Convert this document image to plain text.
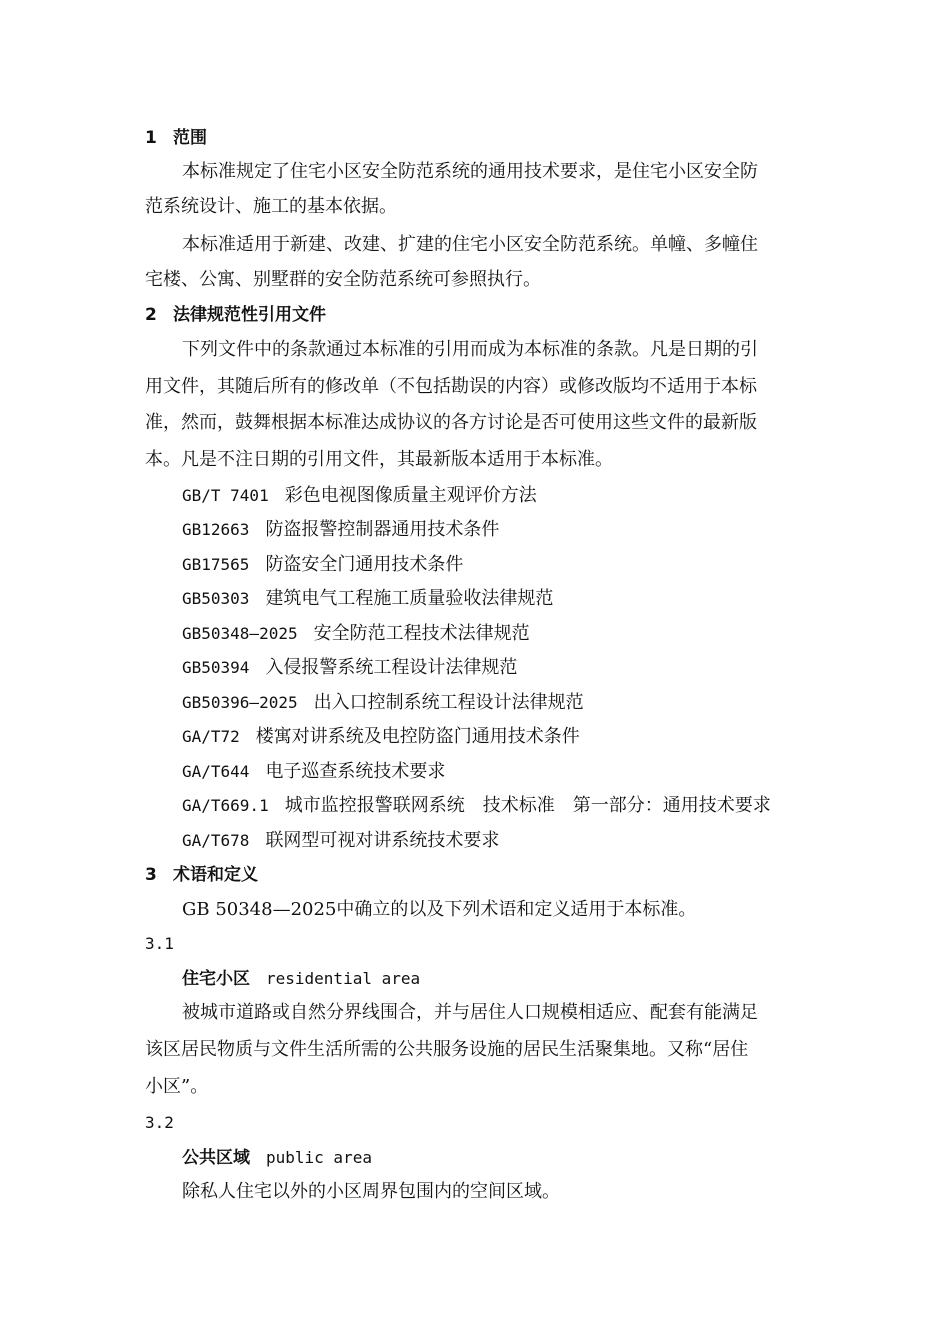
1 范围
本标准规定了住宅小区安全防范系统的通用技术要求，是住宅小区安全防
范系统设计、施工的基本依据。
本标准适用于新建、改建、扩建的住宅小区安全防范系统。单幢、多幢住
宅楼、公寓、别墅群的安全防范系统可参照执行。
2 法律规范性引用文件
下列文件中的条款通过本标准的引用而成为本标准的条款。凡是日期的引
用文件，其随后所有的修改单（不包括勘误的内容）或修改版均不适用于本标
准，然而，鼓舞根据本标准达成协议的各方讨论是否可使用这些文件的最新版
本。凡是不注日期的引用文件，其最新版本适用于本标准。
GB/T 7401 彩色电视图像质量主观评价方法
GB12663 防盗报警控制器通用技术条件
GB17565 防盗安全门通用技术条件
GB50303 建筑电气工程施工质量验收法律规范
GB50348—2025 安全防范工程技术法律规范
GB50394 入侵报警系统工程设计法律规范
GB50396—2025 出入口控制系统工程设计法律规范
GA/T72 楼寓对讲系统及电控防盗门通用技术条件
GA/T644 电子巡查系统技术要求
GA/T669.1 城市监控报警联网系统　技术标准　第一部分：通用技术要求
GA/T678 联网型可视对讲系统技术要求
3 术语和定义
GB 50348—2025中确立的以及下列术语和定义适用于本标准。
3.1
住宅小区 residential area
被城市道路或自然分界线围合，并与居住人口规模相适应、配套有能满足
该区居民物质与文件生活所需的公共服务设施的居民生活聚集地。又称“居住
小区”。
3.2
公共区域 public area
除私人住宅以外的小区周界包围内的空间区域。
